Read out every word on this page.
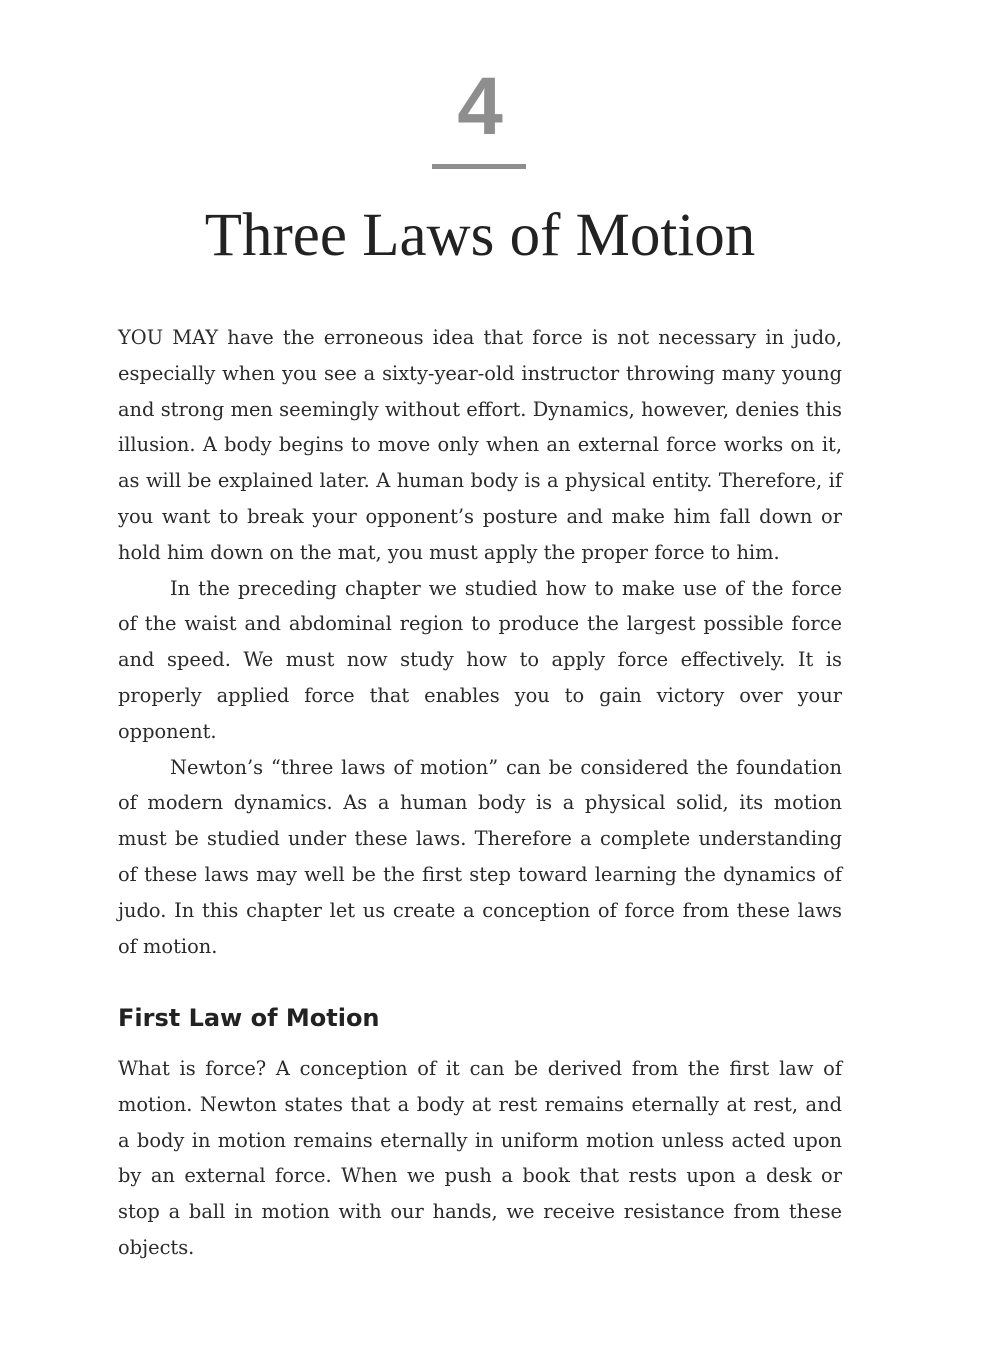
4
Three Laws of Motion

YOU MAY have the erroneous idea that force is not necessary in judo, especially when you see a sixty-year-old instructor throwing many young and strong men seemingly without effort. Dynamics, however, denies this illusion. A body begins to move only when an external force works on it, as will be explained later. A human body is a physical entity. Therefore, if you want to break your opponent’s posture and make him fall down or hold him down on the mat, you must apply the proper force to him.

In the preceding chapter we studied how to make use of the force of the waist and abdominal region to produce the largest possible force and speed. We must now study how to apply force effectively. It is properly applied force that enables you to gain victory over your opponent.

Newton’s “three laws of motion” can be considered the foundation of modern dynamics. As a human body is a physical solid, its motion must be studied under these laws. Therefore a complete understanding of these laws may well be the first step toward learning the dynamics of judo. In this chapter let us create a conception of force from these laws of motion.

First Law of Motion

What is force? A conception of it can be derived from the first law of motion. Newton states that a body at rest remains eternally at rest, and a body in motion remains eternally in uniform motion unless acted upon by an external force. When we push a book that rests upon a desk or stop a ball in motion with our hands, we receive resistance from these objects.
